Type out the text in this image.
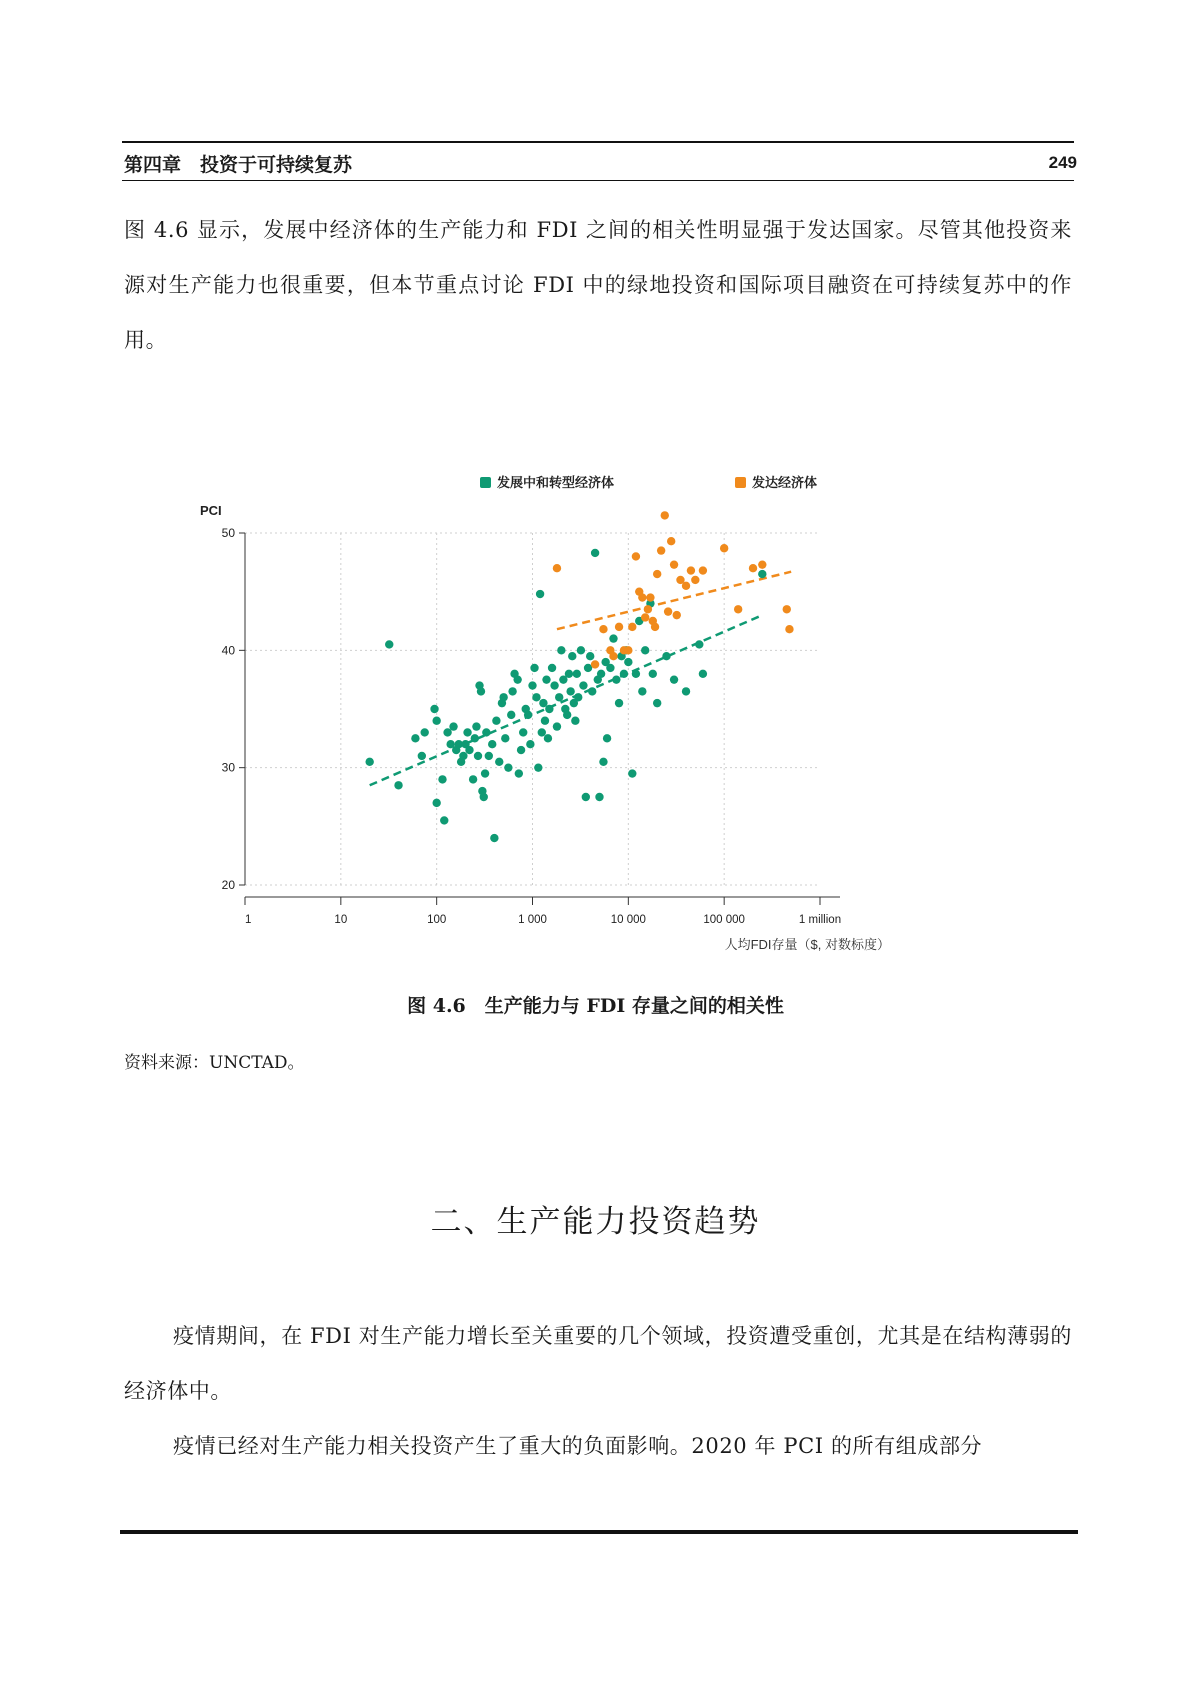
第四章　投资于可持续复苏	249

图 4.6 显示，发展中经济体的生产能力和 FDI 之间的相关性明显强于发达国家。尽管其他投资来源对生产能力也很重要，但本节重点讨论 FDI 中的绿地投资和国际项目融资在可持续复苏中的作用。

20
30
40
50
1	10	100	1 000	10 000	100 000	1 million
发展中和转型经济体	发达经济体
PCI
人均FDI存量（$, 对数标度）
图 4.6　生产能力与 FDI 存量之间的相关性
资料来源：UNCTAD。
二、生产能力投资趋势

疫情期间，在 FDI 对生产能力增长至关重要的几个领域，投资遭受重创，尤其是在结构薄弱的经济体中。

疫情已经对生产能力相关投资产生了重大的负面影响。2020 年 PCI 的所有组成部分
